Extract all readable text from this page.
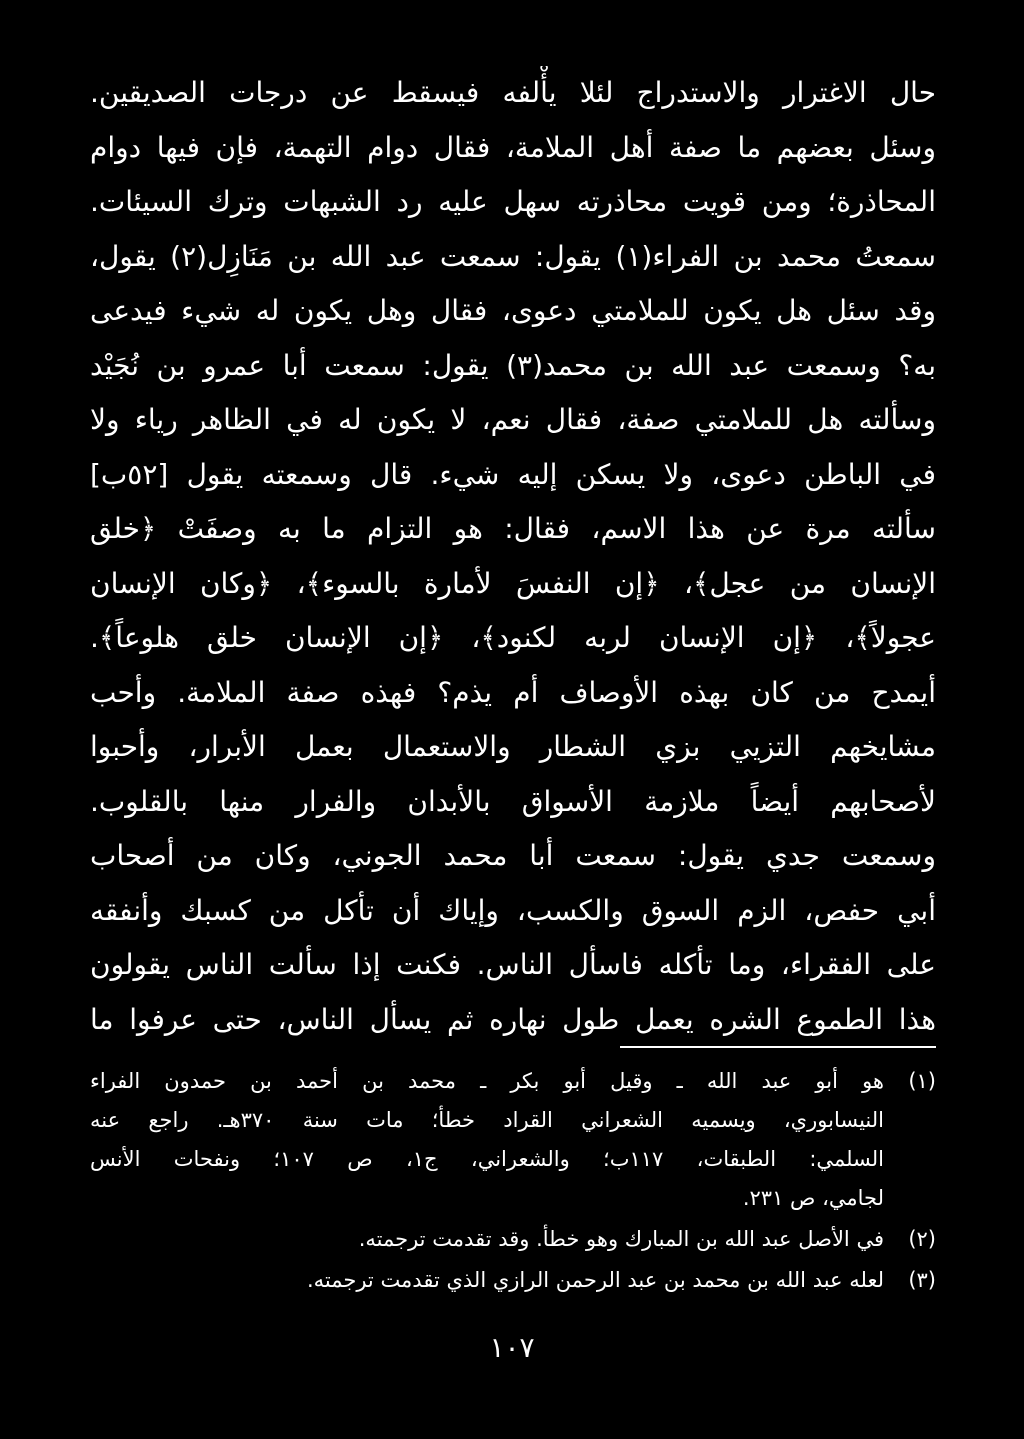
حال الاغترار والاستدراج لئلا يأْلفه فيسقط عن درجات الصديقين.
وسئل بعضهم ما صفة أهل الملامة، فقال دوام التهمة، فإن فيها دوام
المحاذرة؛ ومن قويت محاذرته سهل عليه رد الشبهات وترك السيئات.
سمعتُ محمد بن الفراء(١) يقول: سمعت عبد الله بن مَنَازِل(٢) يقول،
وقد سئل هل يكون للملامتي دعوى، فقال وهل يكون له شيء فيدعى
به؟ وسمعت عبد الله بن محمد(٣) يقول: سمعت أبا عمرو بن نُجَيْد
وسألته هل للملامتي صفة، فقال نعم، لا يكون له في الظاهر رياء ولا
في الباطن دعوى، ولا يسكن إليه شيء. قال وسمعته يقول [٥٢ب]
سألته مرة عن هذا الاسم، فقال: هو التزام ما به وصفَتْ ﴿خلق
الإنسان من عجل﴾، ﴿إن النفسَ لأمارة بالسوء﴾، ﴿وكان الإنسان
عجولاً﴾، ﴿إن الإنسان لربه لكنود﴾، ﴿إن الإنسان خلق هلوعاً﴾.
أيمدح من كان بهذه الأوصاف أم يذم؟ فهذه صفة الملامة. وأحب
مشايخهم التزيي بزي الشطار والاستعمال بعمل الأبرار، وأحبوا
لأصحابهم أيضاً ملازمة الأسواق بالأبدان والفرار منها بالقلوب.
وسمعت جدي يقول: سمعت أبا محمد الجوني، وكان من أصحاب
أبي حفص، الزم السوق والكسب، وإياك أن تأكل من كسبك وأنفقه
على الفقراء، وما تأكله فاسأل الناس. فكنت إذا سألت الناس يقولون
هذا الطموع الشره يعمل طول نهاره ثم يسأل الناس، حتى عرفوا ما
(١)
هو أبو عبد الله ـ وقيل أبو بكر ـ محمد بن أحمد بن حمدون الفراء
النيسابوري، ويسميه الشعراني القراد خطأ؛ مات سنة ٣٧٠هـ. راجع عنه
السلمي: الطبقات، ١١٧ب؛ والشعراني، ج١، ص ١٠٧؛ ونفحات الأنس
لجامي، ص ٢٣١.
(٢)
في الأصل عبد الله بن المبارك وهو خطأ. وقد تقدمت ترجمته.
(٣)
لعله عبد الله بن محمد بن عبد الرحمن الرازي الذي تقدمت ترجمته.
١٠٧
